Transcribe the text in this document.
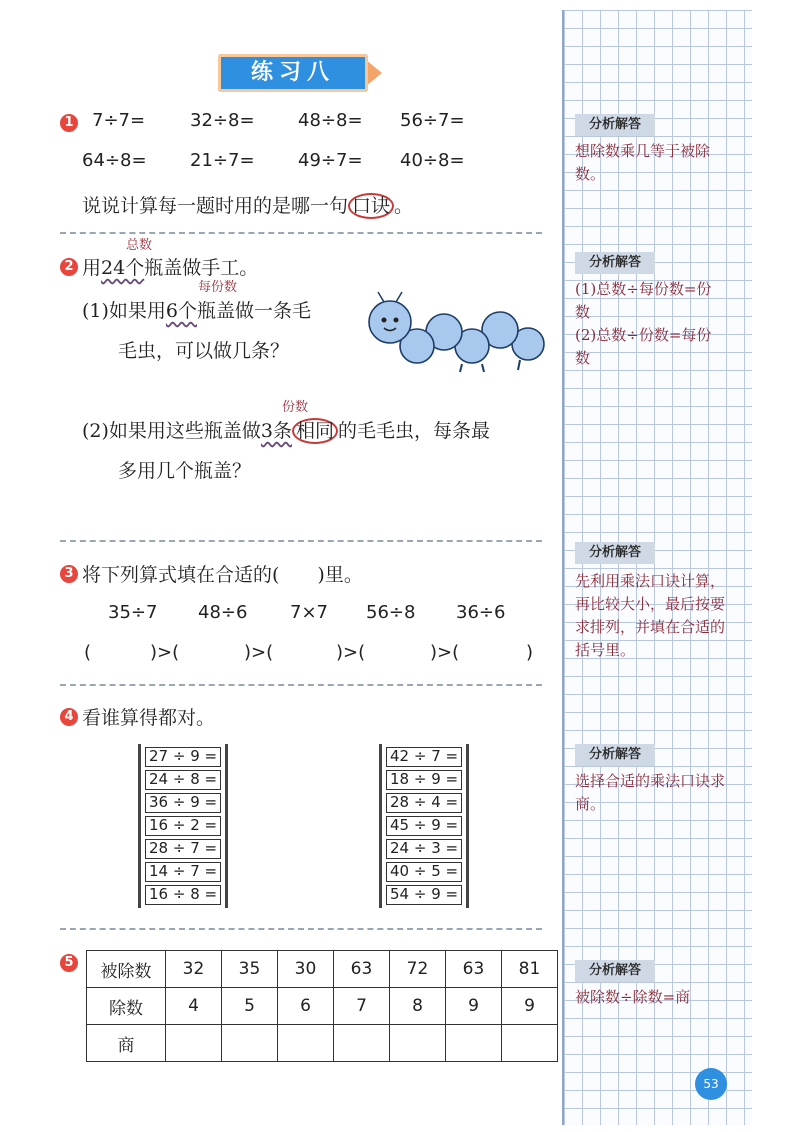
练习八
1 7÷7= 32÷8= 48÷8= 56÷7=
64÷8= 21÷7= 49÷7= 40÷8=
说说计算每一题时用的是哪一句 口诀 。
总数
2 用24个瓶盖做手工。
每份数
(1)如果用6个瓶盖做一条毛
毛虫，可以做几条？
份数
(2)如果用这些瓶盖做3条 相同 的毛毛虫，每条最
多用几个瓶盖？
3 将下列算式填在合适的(　　)里。
35÷7 48÷6 7×7 56÷8 36÷6
(	)>(	)>(	)>(	)>(	)
4 看谁算得都对。
27 ÷ 9 =
24 ÷ 8 =
36 ÷ 9 =
16 ÷ 2 =
28 ÷ 7 =
14 ÷ 7 =
16 ÷ 8 =
42 ÷ 7 =
18 ÷ 9 =
28 ÷ 4 =
45 ÷ 9 =
24 ÷ 3 =
40 ÷ 5 =
54 ÷ 9 =
5 被除数	32	35	30	63	72	63	81
除数	4	5	6	7	8	9	9
商							
分析解答
想除数乘几等于被除数。
分析解答
(1)总数÷每份数=份数
(2)总数÷份数=每份数
分析解答
先利用乘法口诀计算，再比较大小，最后按要求排列，并填在合适的括号里。
分析解答
选择合适的乘法口诀求商。
分析解答
被除数÷除数=商
53
